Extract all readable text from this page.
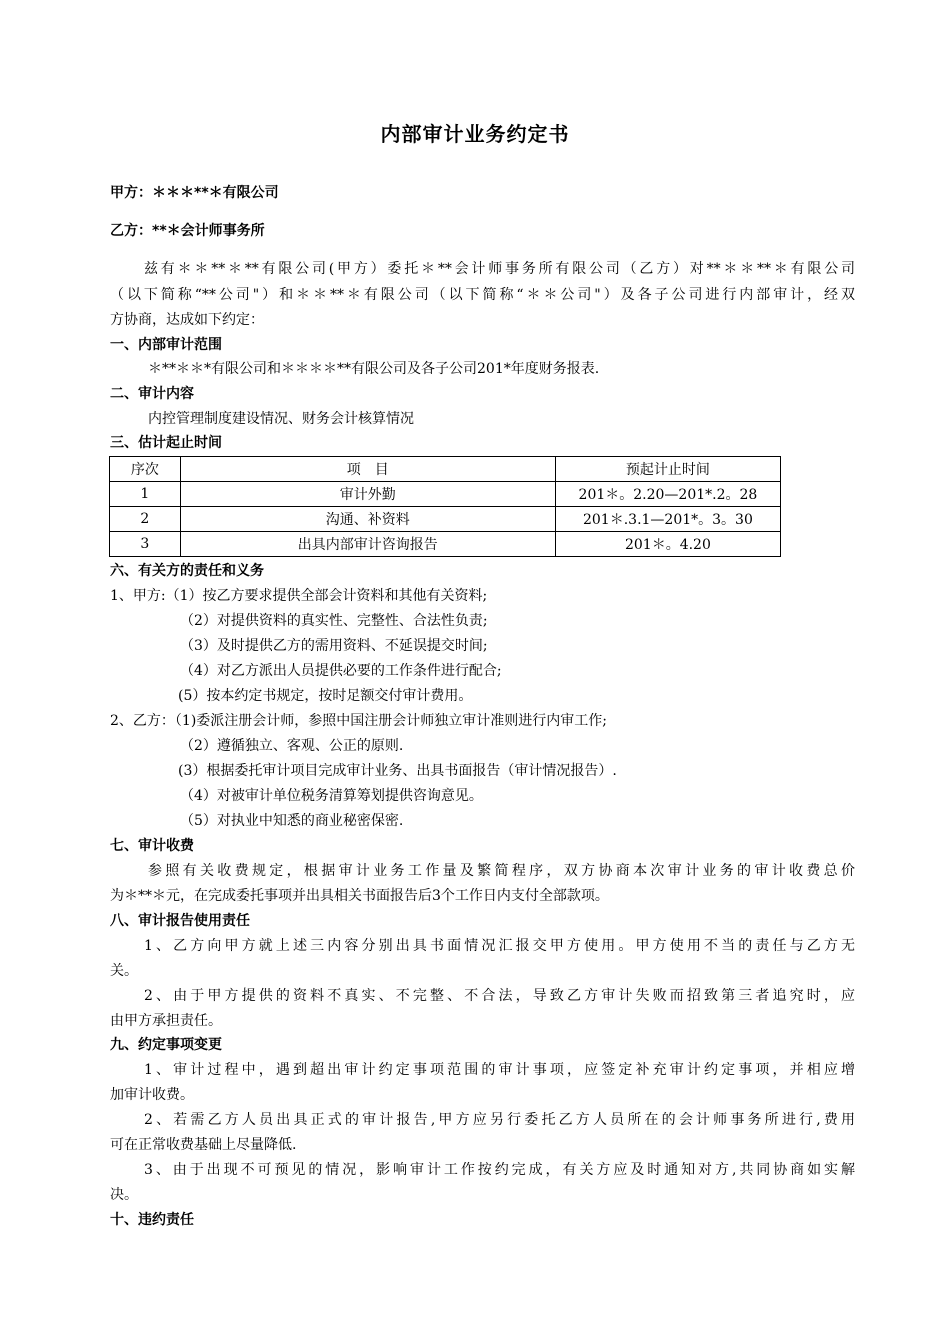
内部审计业务约定书
甲方：＊＊＊**＊有限公司
乙方：**＊会计师事务所
兹有＊＊**＊**有限公司(甲方）委托＊**会计师事务所有限公司（乙方）对**＊＊**＊有限公司
（以下简称“**公司"）和＊＊**＊有限公司（以下简称“＊＊公司"）及各子公司进行内部审计，经双
方协商，达成如下约定：
一、内部审计范围
＊**＊＊*有限公司和＊＊＊＊**有限公司及各子公司201*年度财务报表.
二、审计内容
内控管理制度建设情况、财务会计核算情况
三、估计起止时间
序次	项　目	预起计止时间
1	审计外勤	201＊。2.20—201*.2。28
2	沟通、补资料	201＊.3.1—201*。3。30
3	出具内部审计咨询报告	201＊。4.20
六、有关方的责任和义务
1、甲方:（1）按乙方要求提供全部会计资料和其他有关资料;
（2）对提供资料的真实性、完整性、合法性负责;
（3）及时提供乙方的需用资料、不延误提交时间;
（4）对乙方派出人员提供必要的工作条件进行配合;
(5）按本约定书规定，按时足额交付审计费用。
2、乙方：（1)委派注册会计师，参照中国注册会计师独立审计准则进行内审工作;
（2）遵循独立、客观、公正的原则.
(3）根据委托审计项目完成审计业务、出具书面报告（审计情况报告）.
（4）对被审计单位税务清算筹划提供咨询意见。
（5）对执业中知悉的商业秘密保密.
七、审计收费
参照有关收费规定，根据审计业务工作量及繁简程序，双方协商本次审计业务的审计收费总价
为＊**＊元，在完成委托事项并出具相关书面报告后3个工作日内支付全部款项。
八、审计报告使用责任
1、乙方向甲方就上述三内容分别出具书面情况汇报交甲方使用。甲方使用不当的责任与乙方无
关。
2、由于甲方提供的资料不真实、不完整、不合法，导致乙方审计失败而招致第三者追究时，应
由甲方承担责任。
九、约定事项变更
1、审计过程中，遇到超出审计约定事项范围的审计事项，应签定补充审计约定事项，并相应增
加审计收费。
2、若需乙方人员出具正式的审计报告,甲方应另行委托乙方人员所在的会计师事务所进行,费用
可在正常收费基础上尽量降低.
3、由于出现不可预见的情况，影响审计工作按约完成，有关方应及时通知对方,共同协商如实解
决。
十、违约责任
